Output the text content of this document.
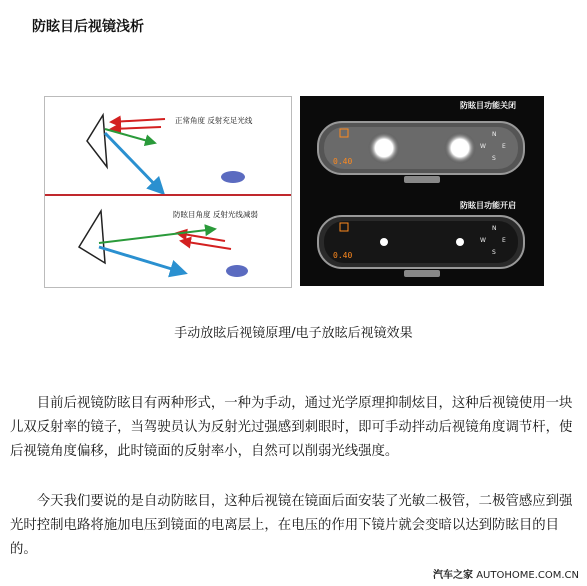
防眩目后视镜浅析
正常角度 反射充足光线
防眩目角度 反射光线减弱
防眩目功能关闭
0.40
N
W	E
S
防眩目功能开启
0.40
N
W	E
S
手动放眩后视镜原理/电子放眩后视镜效果

目前后视镜防眩目有两种形式，一种为手动，通过光学原理抑制炫目，这种后视镜使用一块儿双反射率的镜子，当驾驶员认为反射光过强感到刺眼时，即可手动拌动后视镜角度调节杆，使后视镜角度偏移，此时镜面的反射率小，自然可以削弱光线强度。

今天我们要说的是自动防眩目，这种后视镜在镜面后面安装了光敏二极管，二极管感应到强光时控制电路将施加电压到镜面的电离层上，在电压的作用下镜片就会变暗以达到防眩目的目的。

汽车之家 AUTOHOME.COM.CN
